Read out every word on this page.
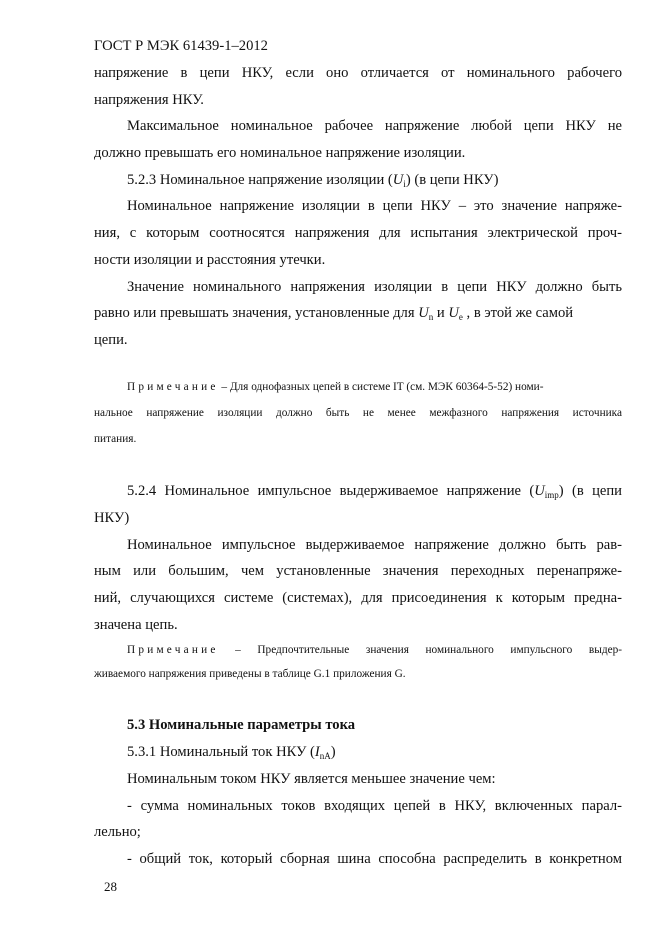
ГОСТ Р МЭК 61439-1–2012
напряжение в цепи НКУ, если оно отличается от номинального рабочего
напряжения НКУ.
Максимальное номинальное рабочее напряжение любой цепи НКУ не
должно превышать его номинальное напряжение изоляции.
5.2.3 Номинальное напряжение изоляции $(U_i)$ (в цепи НКУ)
Номинальное напряжение изоляции в цепи НКУ – это значение напряже-
ния, с которым соотносятся напряжения для испытания электрической проч-
ности изоляции и расстояния утечки.
Значение номинального напряжения изоляции в цепи НКУ должно быть
равно или превышать значения, установленные для $U_n$ и $U_e$ , в этой же самой
цепи.
Примечание – Для однофазных цепей в системе IT (см. МЭК 60364-5-52) номи-
нальное напряжение изоляции должно быть не менее межфазного напряжения источника
питания.
5.2.4 Номинальное импульсное выдерживаемое напряжение $(U_{imp})$ (в цепи
НКУ)
Номинальное импульсное выдерживаемое напряжение должно быть рав-
ным или большим, чем установленные значения переходных перенапряже-
ний, случающихся системе (системах), для присоединения к которым предна-
значена цепь.
Примечание – Предпочтительные значения номинального импульсного выдер-
живаемого напряжения приведены в таблице G.1 приложения G.
5.3 Номинальные параметры тока
5.3.1 Номинальный ток НКУ $(I_{nA})$
Номинальным током НКУ является меньшее значение чем:
- сумма номинальных токов входящих цепей в НКУ, включенных парал-
лельно;
- общий ток, который сборная шина способна распределить в конкретном
28
